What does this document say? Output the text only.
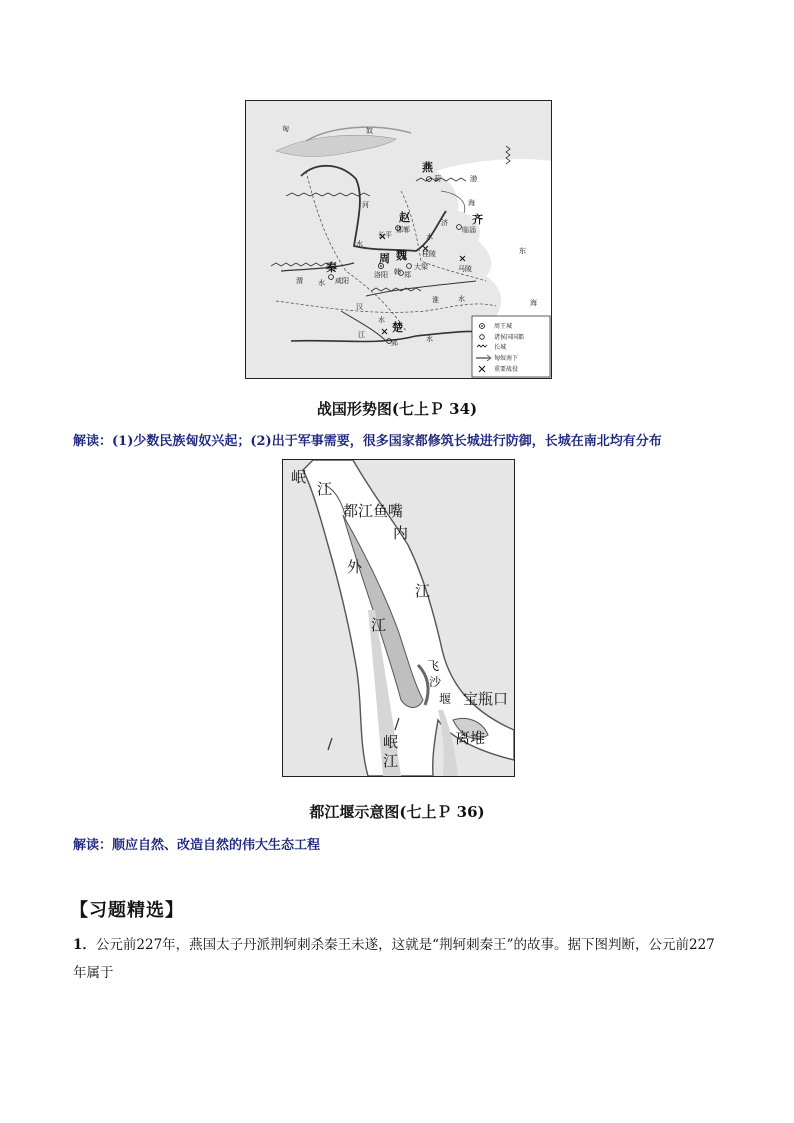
匈	奴
燕
蓟	渤
海
赵
邯郸
长平
齐
临淄
济
水
东
海
河
水
秦
咸阳
渭 水
周
洛阳 韩 郑
魏 桂陵
大梁	马陵
淮	水
汉
水
江
楚
郢	水
周王城
诸侯国国都
长城
匈奴南下
重要战役
战国形势图(七上Ｐ 34)
解读：(1)少数民族匈奴兴起；(2)出于军事需要，很多国家都修筑长城进行防御，长城在南北均有分布
岷
江
都江鱼嘴
内
江
外
江
飞
沙
堰 宝瓶口
离堆
岷
江
都江堰示意图(七上Ｐ 36)
解读：顺应自然、改造自然的伟大生态工程
【习题精选】
1．公元前227年，燕国太子丹派荆轲刺杀秦王未遂，这就是“荆轲刺秦王”的故事。据下图判断，公元前227年属于
